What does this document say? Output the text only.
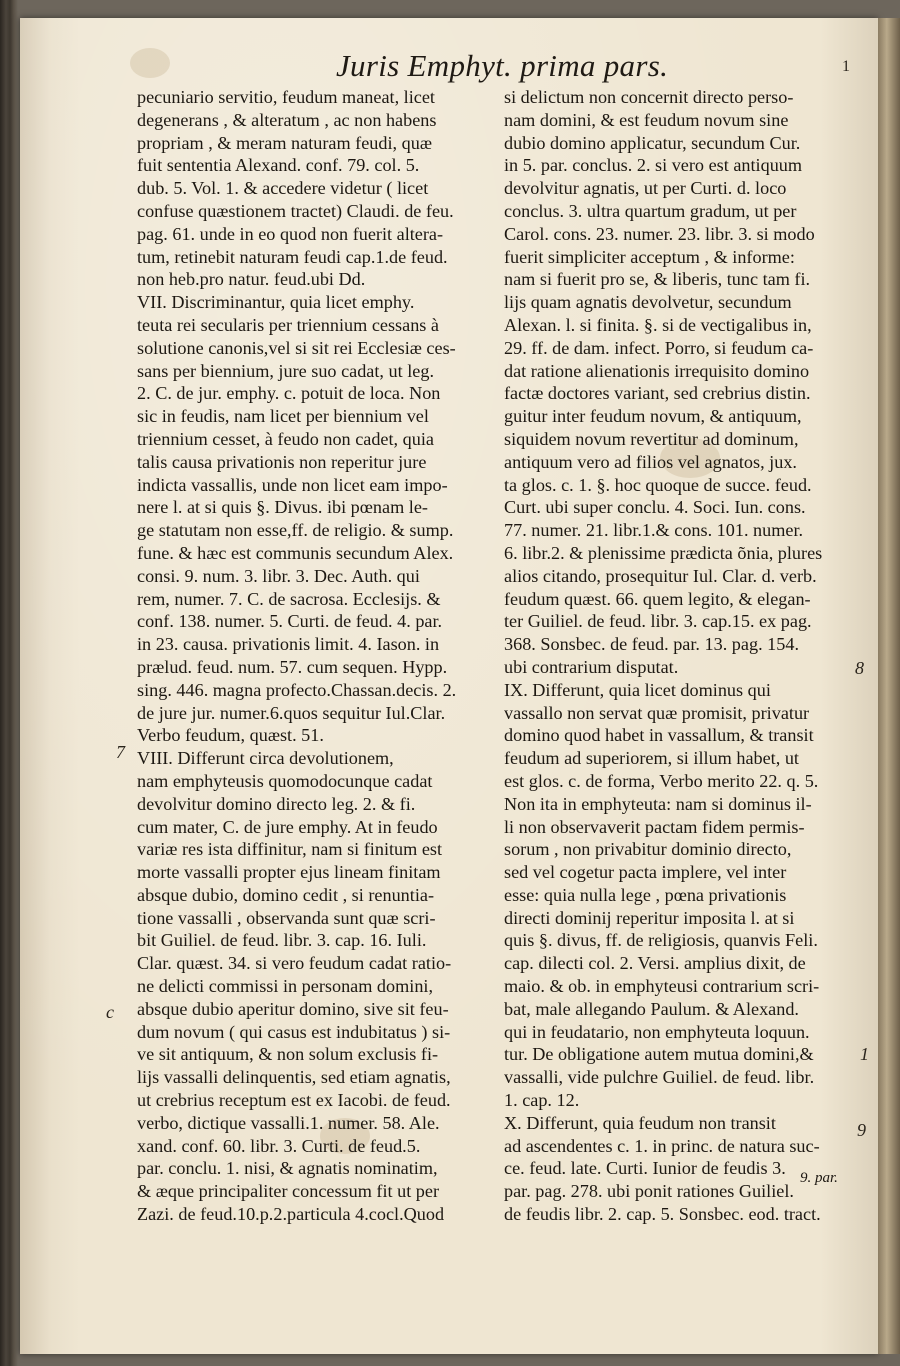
Juris Emphyt. prima pars.	1
pecuniario servitio, feudum maneat, licet
degenerans , & alteratum , ac non habens
propriam , & meram naturam feudi, quæ
fuit sententia Alexand. conf. 79. col. 5.
dub. 5. Vol. 1. & accedere videtur ( licet
confuse quæstionem tractet) Claudi. de feu.
pag. 61. unde in eo quod non fuerit altera-
tum, retinebit naturam feudi cap.1.de feud.
non heb.pro natur. feud.ubi Dd.
VII. Discriminantur, quia licet emphy.
teuta rei secularis per triennium cessans à
solutione canonis,vel si sit rei Ecclesiæ ces-
sans per biennium, jure suo cadat, ut leg.
2. C. de jur. emphy. c. potuit de loca. Non
sic in feudis, nam licet per biennium vel
triennium cesset, à feudo non cadet, quia
talis causa privationis non reperitur jure
indicta vassallis, unde non licet eam impo-
nere l. at si quis §. Divus. ibi pœnam le-
ge statutam non esse,ff. de religio. & sump.
fune. & hæc est communis secundum Alex.
consi. 9. num. 3. libr. 3. Dec. Auth. qui
rem, numer. 7. C. de sacrosa. Ecclesijs. &
conf. 138. numer. 5. Curti. de feud. 4. par.
in 23. causa. privationis limit. 4. Iason. in
prælud. feud. num. 57. cum sequen. Hypp.
sing. 446. magna profecto.Chassan.decis. 2.
de jure jur. numer.6.quos sequitur Iul.Clar.
Verbo feudum, quæst. 51.
VIII. Differunt circa devolutionem,
nam emphyteusis quomodocunque cadat
devolvitur domino directo leg. 2. & fi.
cum mater, C. de jure emphy. At in feudo
variæ res ista diffinitur, nam si finitum est
morte vassalli propter ejus lineam finitam
absque dubio, domino cedit , si renuntia-
tione vassalli , observanda sunt quæ scri-
bit Guiliel. de feud. libr. 3. cap. 16. Iuli.
Clar. quæst. 34. si vero feudum cadat ratio-
ne delicti commissi in personam domini,
absque dubio aperitur domino, sive sit feu-
dum novum ( qui casus est indubitatus ) si-
ve sit antiquum, & non solum exclusis fi-
lijs vassalli delinquentis, sed etiam agnatis,
ut crebrius receptum est ex Iacobi. de feud.
verbo, dictique vassalli.1. numer. 58. Ale.
xand. conf. 60. libr. 3. Curti. de feud.5.
par. conclu. 1. nisi, & agnatis nominatim,
& æque principaliter concessum fit ut per
Zazi. de feud.10.p.2.particula 4.cocl.Quod
si delictum non concernit directo perso-
nam domini, & est feudum novum sine
dubio domino applicatur, secundum Cur.
in 5. par. conclus. 2. si vero est antiquum
devolvitur agnatis, ut per Curti. d. loco
conclus. 3. ultra quartum gradum, ut per
Carol. cons. 23. numer. 23. libr. 3. si modo
fuerit simpliciter acceptum , & informe:
nam si fuerit pro se, & liberis, tunc tam fi.
lijs quam agnatis devolvetur, secundum
Alexan. l. si finita. §. si de vectigalibus in,
29. ff. de dam. infect. Porro, si feudum ca-
dat ratione alienationis irrequisito domino
factæ doctores variant, sed crebrius distin.
guitur inter feudum novum, & antiquum,
siquidem novum revertitur ad dominum,
antiquum vero ad filios vel agnatos, jux.
ta glos. c. 1. §. hoc quoque de succe. feud.
Curt. ubi super conclu. 4. Soci. Iun. cons.
77. numer. 21. libr.1.& cons. 101. numer.
6. libr.2. & plenissime prædicta õnia, plures
alios citando, prosequitur Iul. Clar. d. verb.
feudum quæst. 66. quem legito, & elegan-
ter Guiliel. de feud. libr. 3. cap.15. ex pag.
368. Sonsbec. de feud. par. 13. pag. 154.
ubi contrarium disputat.
IX. Differunt, quia licet dominus qui
vassallo non servat quæ promisit, privatur
domino quod habet in vassallum, & transit
feudum ad superiorem, si illum habet, ut
est glos. c. de forma, Verbo merito 22. q. 5.
Non ita in emphyteuta: nam si dominus il-
li non observaverit pactam fidem permis-
sorum , non privabitur dominio directo,
sed vel cogetur pacta implere, vel inter
esse: quia nulla lege , pœna privationis
directi dominij reperitur imposita l. at si
quis §. divus, ff. de religiosis, quanvis Feli.
cap. dilecti col. 2. Versi. amplius dixit, de
maio. & ob. in emphyteusi contrarium scri-
bat, male allegando Paulum. & Alexand.
qui in feudatario, non emphyteuta loquun.
tur. De obligatione autem mutua domini,&
vassalli, vide pulchre Guiliel. de feud. libr.
1. cap. 12.
X. Differunt, quia feudum non transit
ad ascendentes c. 1. in princ. de natura suc-
ce. feud. late. Curti. Iunior de feudis 3.
par. pag. 278. ubi ponit rationes Guiliel.
de feudis libr. 2. cap. 5. Sonsbec. eod. tract.
7
c
8
9
1
9. par.
